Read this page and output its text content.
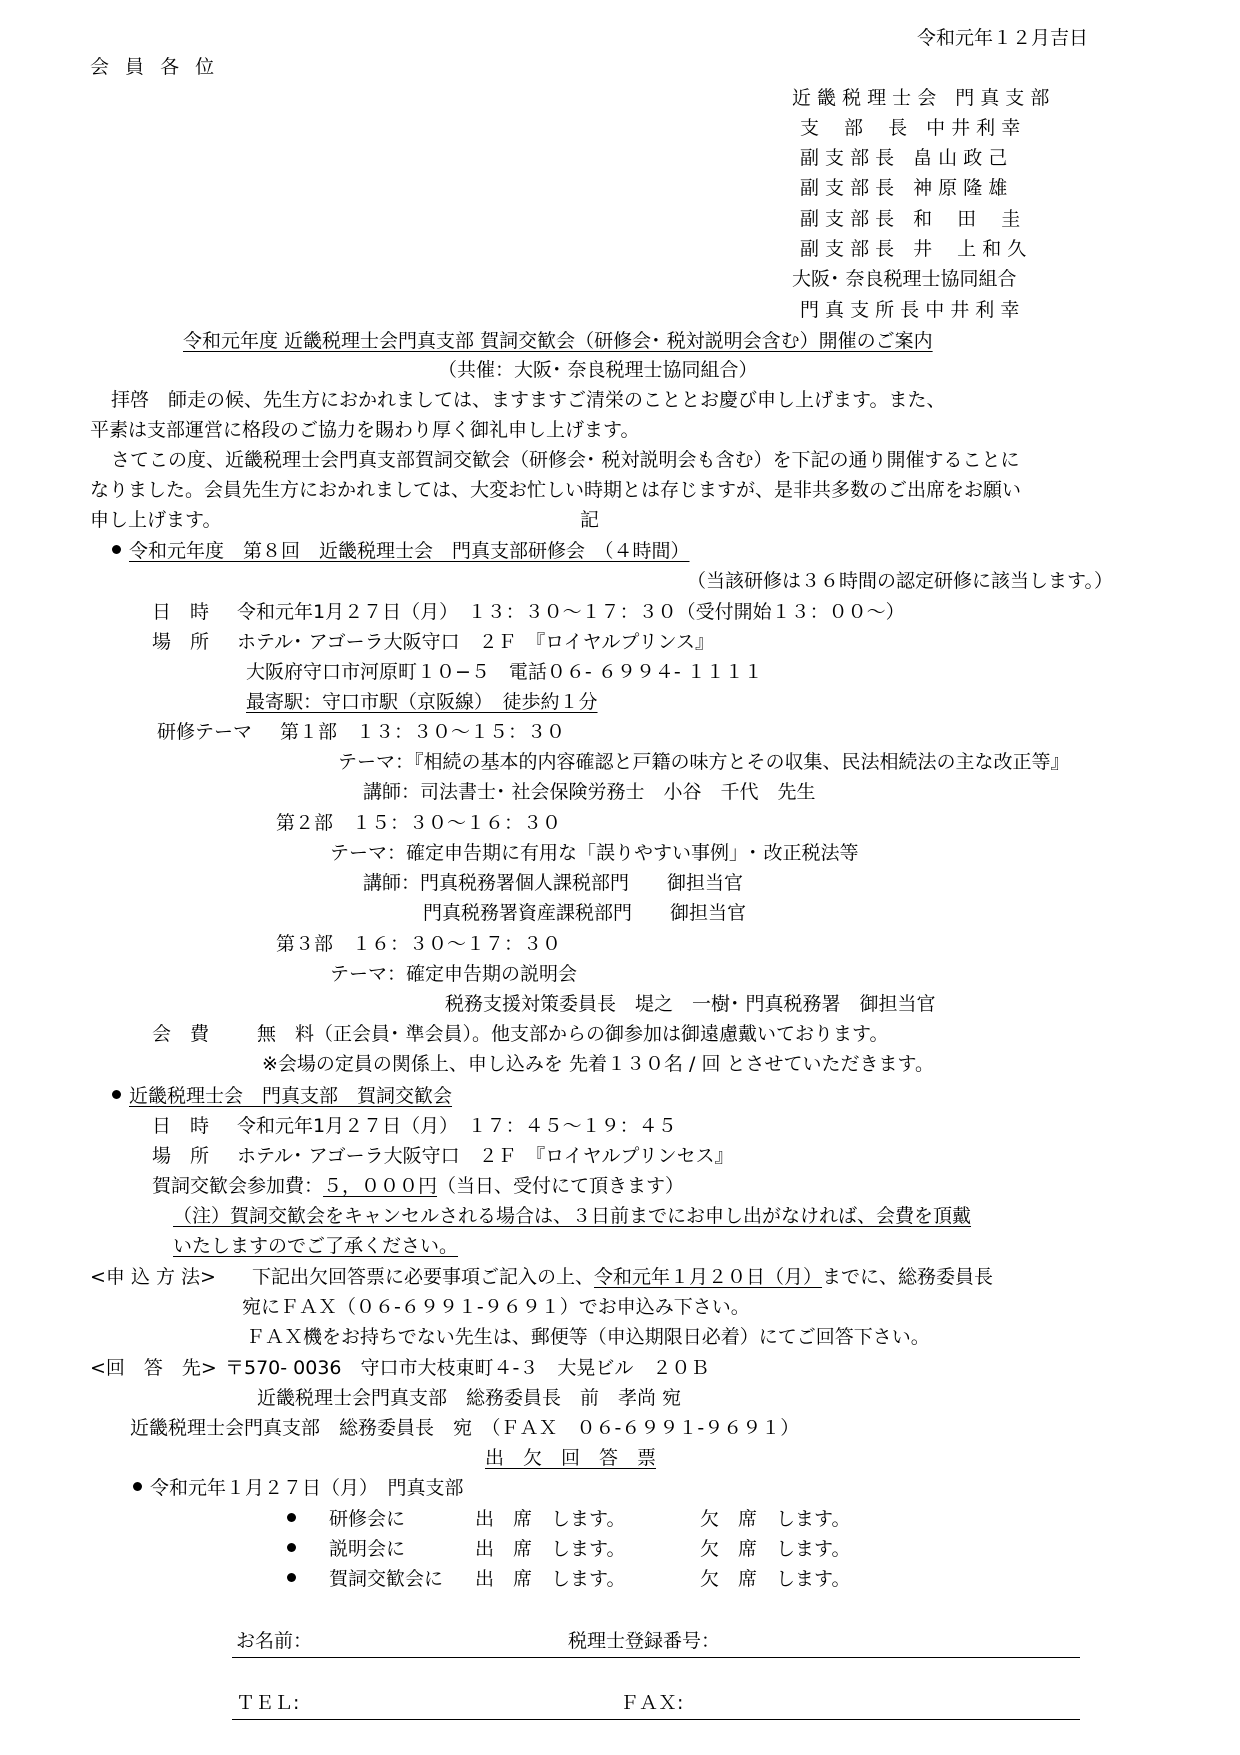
令和元年１２月吉日
会 員 各 位
近 畿 税 理 士 会　門 真 支 部
支　 部　 長　中 井 利 幸
副 支 部 長　畠 山 政 己
副 支 部 長　神 原 隆 雄
副 支 部 長　和　 田　 圭
副 支 部 長　井　 上 和 久
大阪･ 奈良税理士協同組合
門 真 支 所 長 中 井 利 幸
令和元年度 近畿税理士会門真支部 賀詞交歓会（研修会･ 税対説明会含む）開催のご案内
（共催：大阪･ 奈良税理士協同組合）
拝啓　師走の候、先生方におかれましては、ますますご清栄のこととお慶び申し上げます。また、
平素は支部運営に格段のご協力を賜わり厚く御礼申し上げます。
さてこの度、近畿税理士会門真支部賀詞交歓会（研修会･ 税対説明会も含む）を下記の通り開催することに
なりました。会員先生方におかれましては、大変お忙しい時期とは存じますが、是非共多数のご出席をお願い
申し上げます。	記
令和元年度　第８回　近畿税理士会　門真支部研修会　（４時間）
（当該研修は３６時間の認定研修に該当します。）
日　時 令和元年1月２７日（月）　１３：３０～１７：３０（受付開始１３：００～）
場　所 ホテル･ アゴーラ大阪守口　２Ｆ　『ロイヤルプリンス』
大阪府守口市河原町１０−５　電話０６- ６９９４- １１１１
最寄駅：守口市駅（京阪線）　徒歩約１分
研修テーマ 第１部　１３：３０～１５：３０
テーマ：『相続の基本的内容確認と戸籍の味方とその収集、民法相続法の主な改正等』
講師：司法書士･ 社会保険労務士　小谷　千代　先生
第２部　１５：３０～１６：３０
テーマ：確定申告期に有用な「誤りやすい事例」･ 改正税法等
講師：門真税務署個人課税部門　　御担当官
門真税務署資産課税部門　　御担当官
第３部　１６：３０～１７：３０
テーマ：確定申告期の説明会
税務支援対策委員長　堤之　一樹･ 門真税務署　御担当官
会　費	無　料（正会員･ 準会員）。他支部からの御参加は御遠慮戴いております。
※会場の定員の関係上、申し込みを 先着１３０名 / 回 とさせていただきます。
近畿税理士会　門真支部　賀詞交歓会
日　時 令和元年1月２７日（月）　１７：４５～１９：４５
場　所 ホテル･ アゴーラ大阪守口　２Ｆ　『ロイヤルプリンセス』
賀詞交歓会参加費：５，０００円（当日、受付にて頂きます）
（注）賀詞交歓会をキャンセルされる場合は、３日前までにお申し出がなければ、会費を頂戴
いたしますのでご了承ください。
<申 込 方 法> 下記出欠回答票に必要事項ご記入の上、令和元年１月２０日（月）までに、総務委員長
宛にＦＡＸ（０６-６９９１-９６９１）でお申込み下さい。
ＦＡＸ機をお持ちでない先生は、郵便等（申込期限日必着）にてご回答下さい。
<回　答　先> 〒570- 0036　守口市大枝東町４-３　大晃ビル　２０Ｂ
近畿税理士会門真支部　総務委員長　前　孝尚 宛
近畿税理士会門真支部　総務委員長　宛　（ＦＡＸ　０６-６９９１-９６９１）
出　欠　回　答　票
令和元年１月２７日（月）　門真支部
研修会に	出　席　します。	欠　席　します。
説明会に	出　席　します。	欠　席　します。
賀詞交歓会に 出　席　します。	欠　席　します。
お名前：	税理士登録番号：
ＴＥＬ:	ＦＡＸ:
